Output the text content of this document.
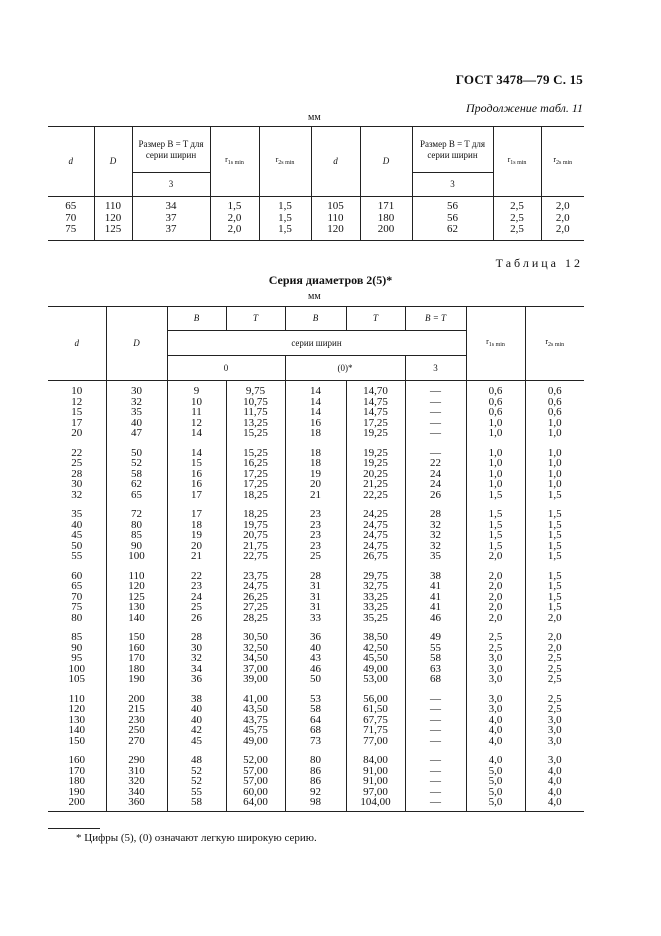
ГОСТ 3478—79 С. 15
Продолжение табл. 11
мм
d	D	Размер B = T для серии ширин	$r_{1s min}$	$r_{2s min}$	d	D	Размер B = T для серии ширин	$r_{1s min}$	$r_{2s min}$
		3					3		
65	110	34	1,5	1,5	105	171	56	2,5	2,0
70	120	37	2,0	1,5	110	180	56	2,5	2,0
75	125	37	2,0	1,5	120	200	62	2,5	2,0
Таблица 12
Серия диаметров 2(5)*
мм
d	D	B	T	B	T	B = T	$r_{1s min}$	$r_{2s min}$
		серии ширин						
		0		(0)*		3		
10	30	9	9,75	14	14,70	—	0,6	0,6
12	32	10	10,75	14	14,75	—	0,6	0,6
15	35	11	11,75	14	14,75	—	0,6	0,6
17	40	12	13,25	16	17,25	—	1,0	1,0
20	47	14	15,25	18	19,25	—	1,0	1,0
22	50	14	15,25	18	19,25	—	1,0	1,0
25	52	15	16,25	18	19,25	22	1,0	1,0
28	58	16	17,25	19	20,25	24	1,0	1,0
30	62	16	17,25	20	21,25	24	1,0	1,0
32	65	17	18,25	21	22,25	26	1,5	1,5
35	72	17	18,25	23	24,25	28	1,5	1,5
40	80	18	19,75	23	24,75	32	1,5	1,5
45	85	19	20,75	23	24,75	32	1,5	1,5
50	90	20	21,75	23	24,75	32	1,5	1,5
55	100	21	22,75	25	26,75	35	2,0	1,5
60	110	22	23,75	28	29,75	38	2,0	1,5
65	120	23	24,75	31	32,75	41	2,0	1,5
70	125	24	26,25	31	33,25	41	2,0	1,5
75	130	25	27,25	31	33,25	41	2,0	1,5
80	140	26	28,25	33	35,25	46	2,0	2,0
85	150	28	30,50	36	38,50	49	2,5	2,0
90	160	30	32,50	40	42,50	55	2,5	2,0
95	170	32	34,50	43	45,50	58	3,0	2,5
100	180	34	37,00	46	49,00	63	3,0	2,5
105	190	36	39,00	50	53,00	68	3,0	2,5
110	200	38	41,00	53	56,00	—	3,0	2,5
120	215	40	43,50	58	61,50	—	3,0	2,5
130	230	40	43,75	64	67,75	—	4,0	3,0
140	250	42	45,75	68	71,75	—	4,0	3,0
150	270	45	49,00	73	77,00	—	4,0	3,0
160	290	48	52,00	80	84,00	—	4,0	3,0
170	310	52	57,00	86	91,00	—	5,0	4,0
180	320	52	57,00	86	91,00	—	5,0	4,0
190	340	55	60,00	92	97,00	—	5,0	4,0
200	360	58	64,00	98	104,00	—	5,0	4,0
* Цифры (5), (0) означают легкую широкую серию.
